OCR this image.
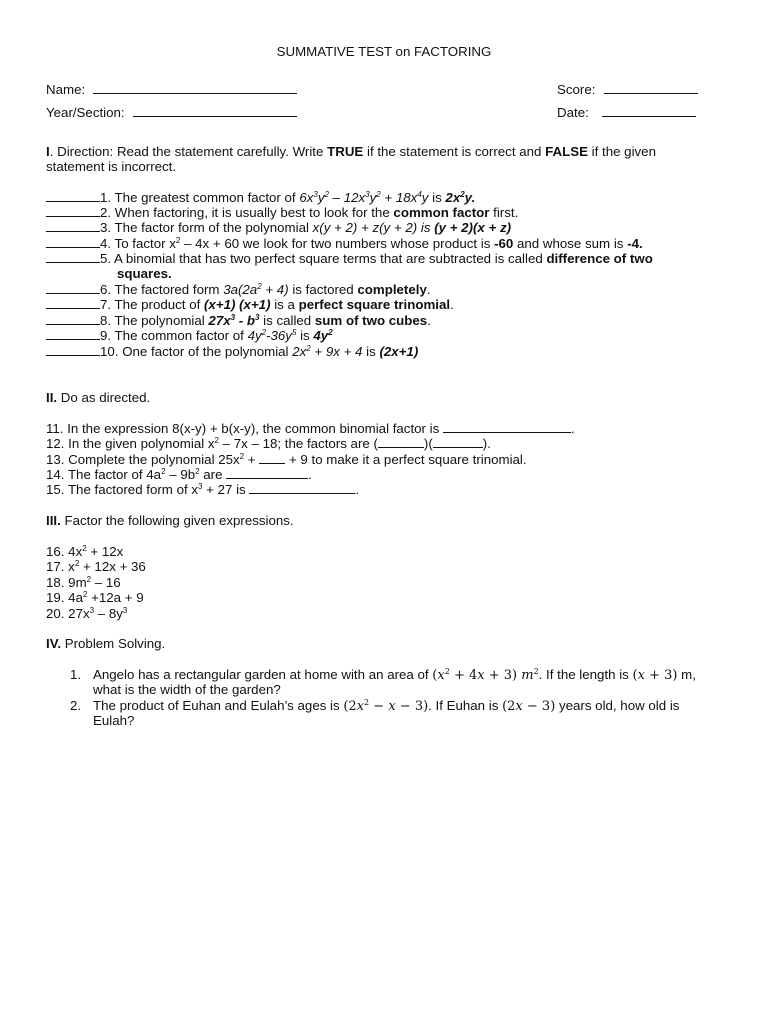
SUMMATIVE TEST on FACTORING
Name:	Score:
Year/Section:	Date:
I. Direction: Read the statement carefully. Write TRUE if the statement is correct and FALSE if the given
statement is incorrect.
1. The greatest common factor of $6x^3y^2 - 12x^3y^2 + 18x^4y$ is $2x^2y$.
2. When factoring, it is usually best to look for the common factor first.
3. The factor form of the polynomial x(y + 2) + z(y + 2) is (y + 2)(x + z)
4. To factor $x^2 - 4x + 60$ we look for two numbers whose product is -60 and whose sum is -4.
5. A binomial that has two perfect square terms that are subtracted is called difference of two
squares.
6. The factored form $3a(2a^2 + 4)$ is factored completely.
7. The product of (x+1) (x+1) is a perfect square trinomial.
8. The polynomial $27x^3 - b^3$ is called sum of two cubes.
9. The common factor of $4y^2-36y^5$ is $4y^2$
10. One factor of the polynomial $2x^2 + 9x + 4$ is (2x+1)
II. Do as directed.
11. In the expression 8(x-y) + b(x-y), the common binomial factor is	.
12. In the given polynomial $x^2 - 7x - 18$; the factors are (	)(	).
13. Complete the polynomial $25x^2$ +  + 9 to make it a perfect square trinomial.
14. The factor of $4a^2 - 9b^2$ are	.
15. The factored form of $x^3 + 27$ is	.
III. Factor the following given expressions.
16. $4x^2 + 12x$
17. $x^2 + 12x + 36$
18. $9m^2 - 16$
19. $4a^2 +12a + 9$
20. $27x^3 - 8y^3$
IV. Problem Solving.
1. Angelo has a rectangular garden at home with an area of $(x^2 + 4x + 3)$ $m^2$. If the length is (x + 3) m,
what is the width of the garden?
2. The product of Euhan and Eulah’s ages is $(2x^2 - x - 3)$. If Euhan is (2x − 3) years old, how old is
Eulah?
